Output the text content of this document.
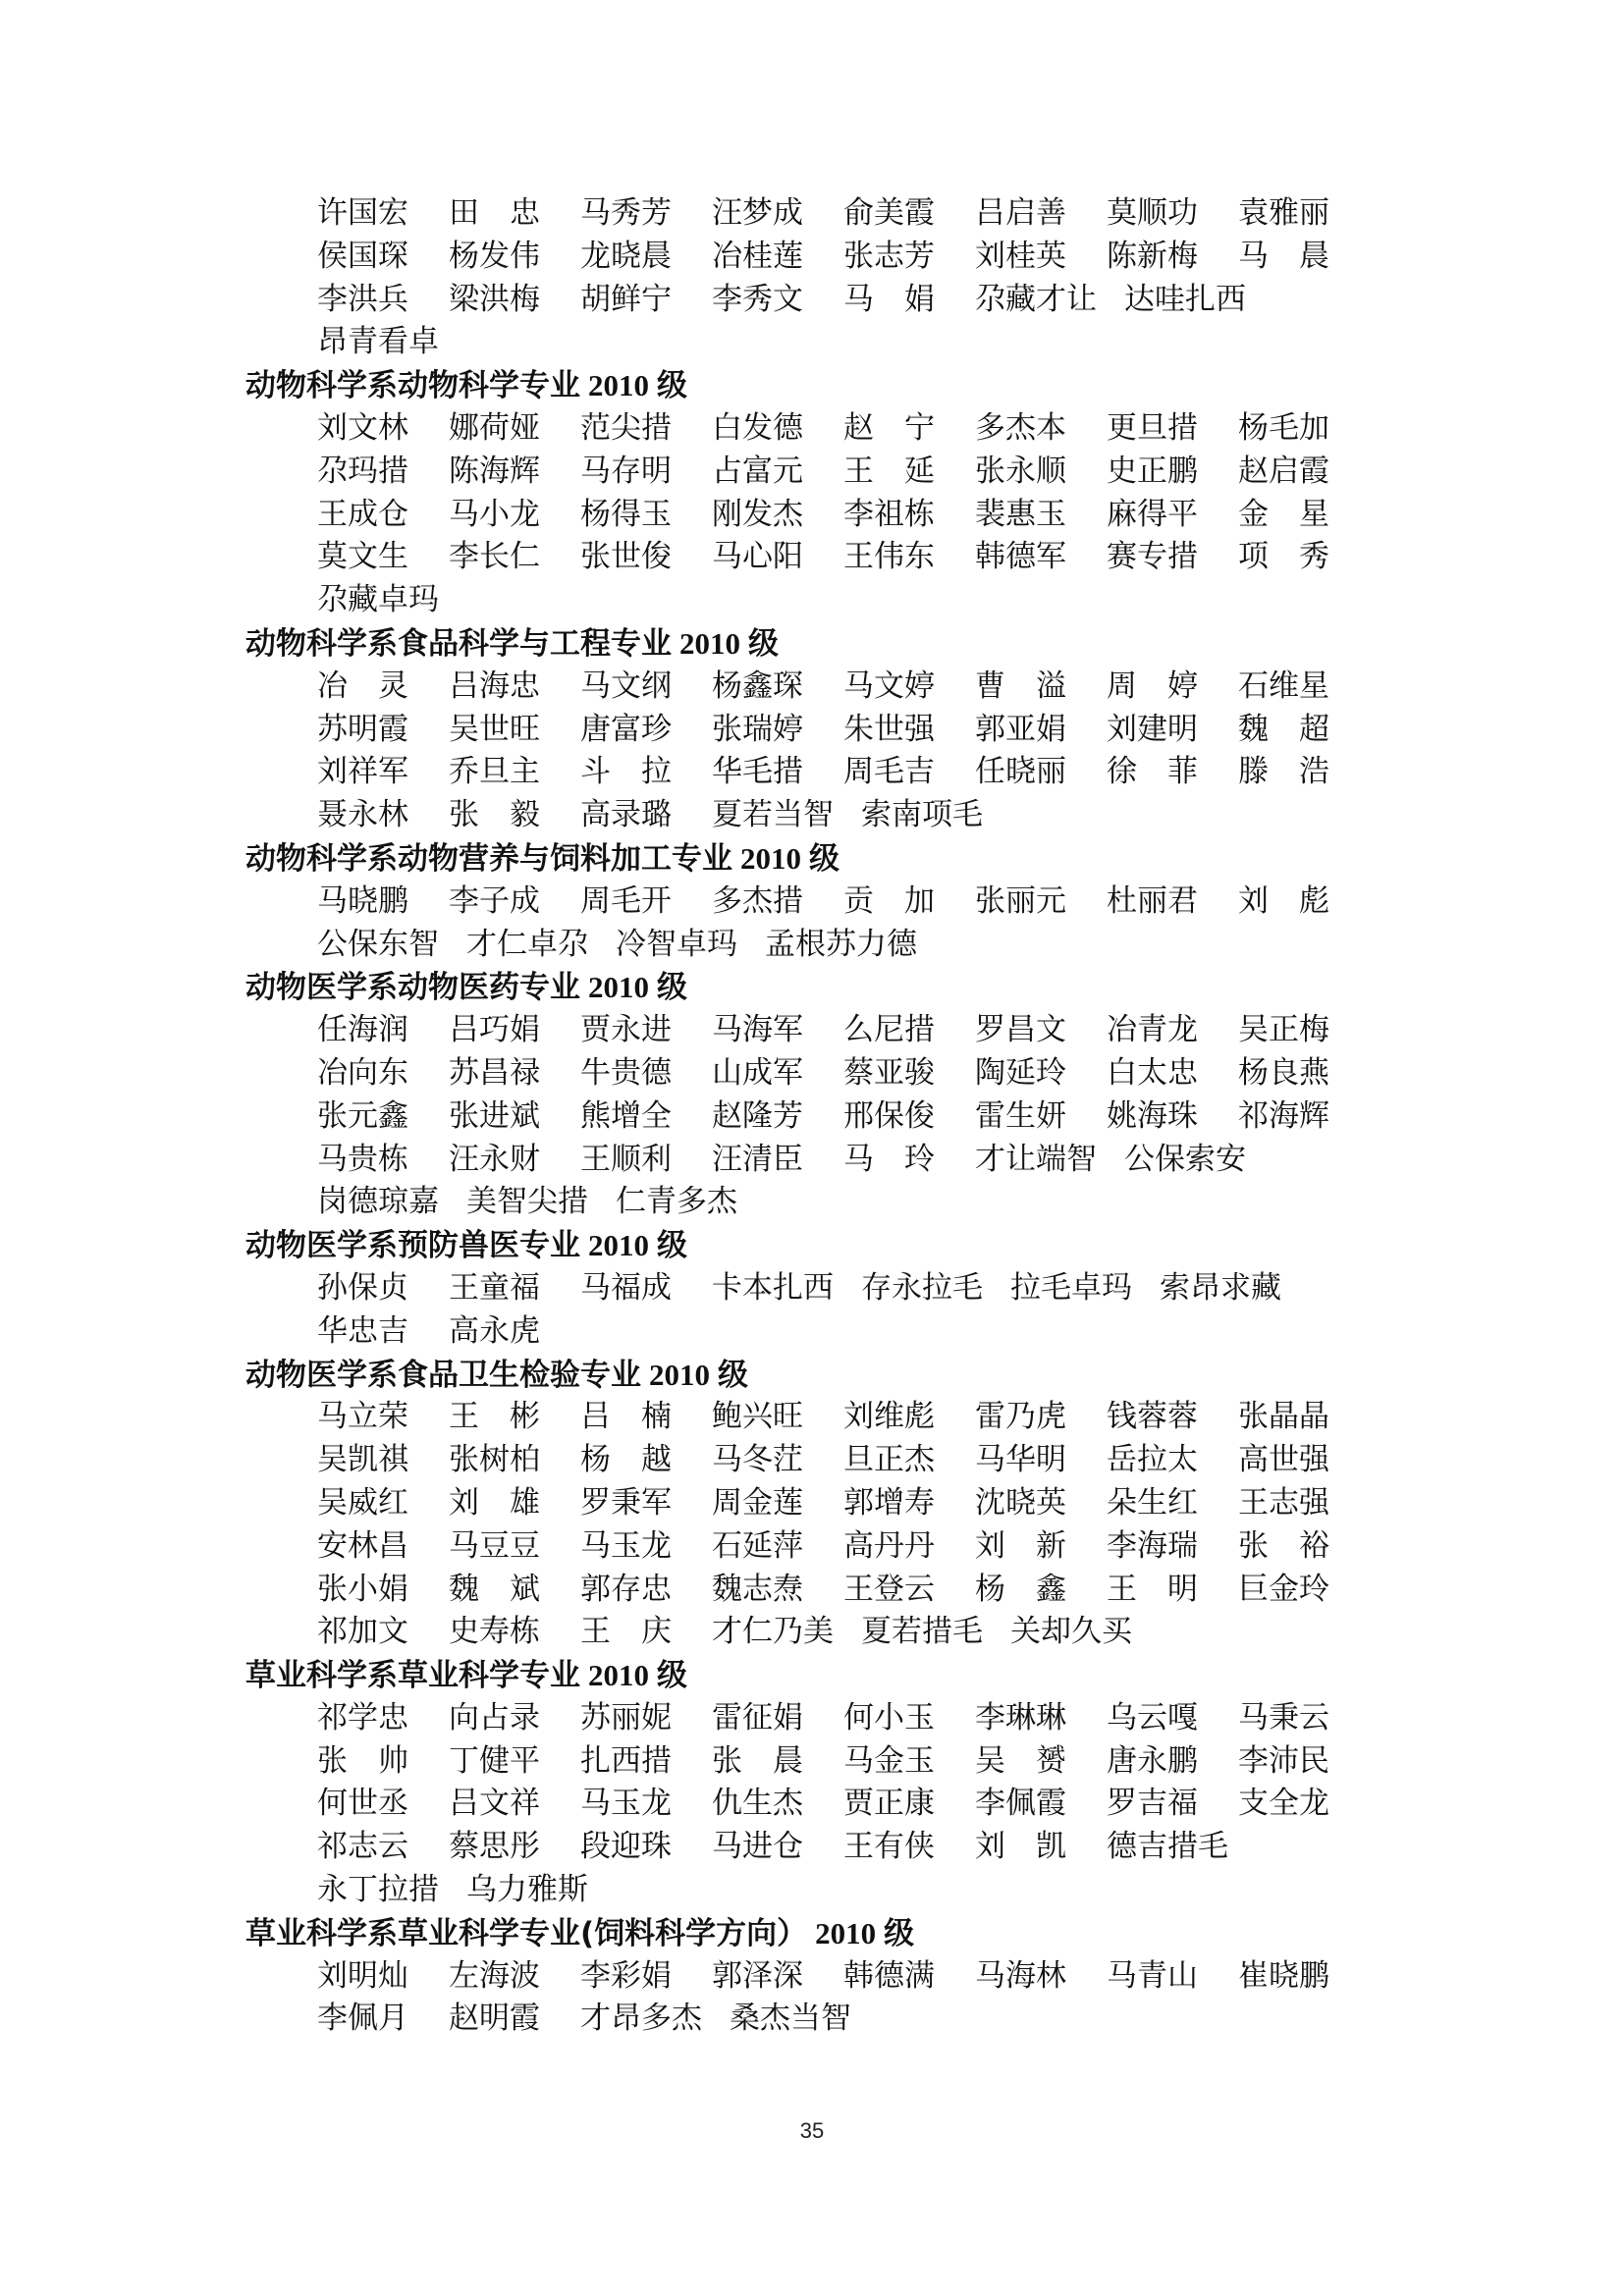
许国宏 田　忠 马秀芳 汪梦成 俞美霞 吕启善 莫顺功 袁雅丽
侯国琛 杨发伟 龙晓晨 冶桂莲 张志芳 刘桂英 陈新梅 马　晨
李洪兵 梁洪梅 胡鲜宁 李秀文 马　娟 尕藏才让 达哇扎西
昂青看卓
动物科学系动物科学专业 2010 级
刘文林 娜荷娅 范尖措 白发德 赵　宁 多杰本 更旦措 杨毛加
尕玛措 陈海辉 马存明 占富元 王　延 张永顺 史正鹏 赵启霞
王成仓 马小龙 杨得玉 刚发杰 李祖栋 裴惠玉 麻得平 金　星
莫文生 李长仁 张世俊 马心阳 王伟东 韩德军 赛专措 项　秀
尕藏卓玛
动物科学系食品科学与工程专业 2010 级
冶　灵 吕海忠 马文纲 杨鑫琛 马文婷 曹　溢 周　婷 石维星
苏明霞 吴世旺 唐富珍 张瑞婷 朱世强 郭亚娟 刘建明 魏　超
刘祥军 乔旦主 斗　拉 华毛措 周毛吉 任晓丽 徐　菲 滕　浩
聂永林 张　毅 高录璐 夏若当智 索南项毛
动物科学系动物营养与饲料加工专业 2010 级
马晓鹏 李子成 周毛开 多杰措 贡　加 张丽元 杜丽君 刘　彪
公保东智 才仁卓尕 冷智卓玛 孟根苏力德
动物医学系动物医药专业 2010 级
任海润 吕巧娟 贾永进 马海军 么尼措 罗昌文 冶青龙 吴正梅
冶向东 苏昌禄 牛贵德 山成军 蔡亚骏 陶延玲 白太忠 杨良燕
张元鑫 张进斌 熊增全 赵隆芳 邢保俊 雷生妍 姚海珠 祁海辉
马贵栋 汪永财 王顺利 汪清臣 马　玲 才让端智 公保索安
岗德琼嘉 美智尖措 仁青多杰
动物医学系预防兽医专业 2010 级
孙保贞 王童福 马福成 卡本扎西 存永拉毛 拉毛卓玛 索昂求藏
华忠吉 高永虎
动物医学系食品卫生检验专业 2010 级
马立荣 王　彬 吕　楠 鲍兴旺 刘维彪 雷乃虎 钱蓉蓉 张晶晶
吴凯祺 张树柏 杨　越 马冬茳 旦正杰 马华明 岳拉太 高世强
吴威红 刘　雄 罗秉军 周金莲 郭增寿 沈晓英 朵生红 王志强
安林昌 马豆豆 马玉龙 石延萍 高丹丹 刘　新 李海瑞 张　裕
张小娟 魏　斌 郭存忠 魏志焘 王登云 杨　鑫 王　明 巨金玲
祁加文 史寿栋 王　庆 才仁乃美 夏若措毛 关却久买
草业科学系草业科学专业 2010 级
祁学忠 向占录 苏丽妮 雷征娟 何小玉 李琳琳 乌云嘎 马秉云
张　帅 丁健平 扎西措 张　晨 马金玉 吴　赟 唐永鹏 李沛民
何世丞 吕文祥 马玉龙 仇生杰 贾正康 李佩霞 罗吉福 支全龙
祁志云 蔡思彤 段迎珠 马进仓 王有侠 刘　凯 德吉措毛
永丁拉措 乌力雅斯
草业科学系草业科学专业(饲料科学方向） 2010 级
刘明灿 左海波 李彩娟 郭泽深 韩德满 马海林 马青山 崔晓鹏
李佩月 赵明霞 才昂多杰 桑杰当智
35
